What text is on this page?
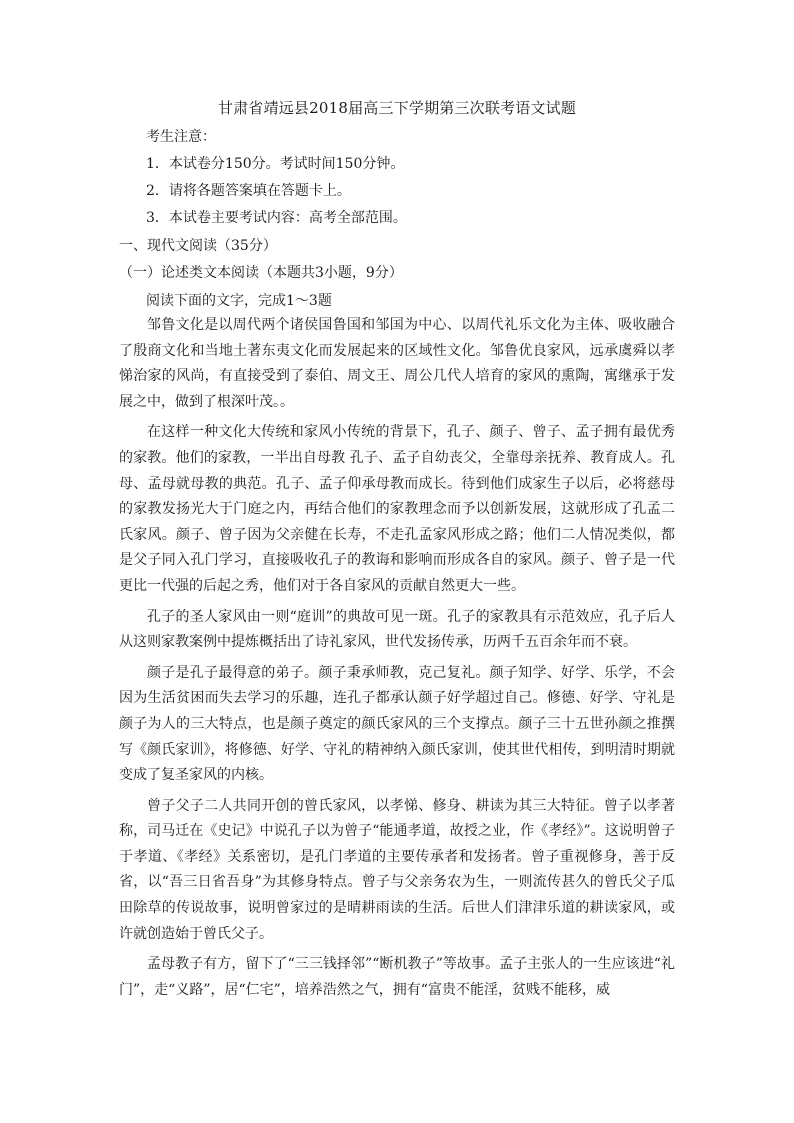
甘肃省靖远县2018届高三下学期第三次联考语文试题
考生注意：
1．本试卷分150分。考试时间150分钟。
2．请将各题答案填在答题卡上。
3．本试卷主要考试内容：高考全部范围。
一、现代文阅读（35分）
（一）论述类文本阅读（本题共3小题，9分）
阅读下面的文字，完成1～3题

邹鲁文化是以周代两个诸侯国鲁国和邹国为中心、以周代礼乐文化为主体、吸收融合了殷商文化和当地土著东夷文化而发展起来的区域性文化。邹鲁优良家风，远承虞舜以孝悌治家的风尚，有直接受到了泰伯、周文王、周公几代人培育的家风的熏陶，寓继承于发展之中，做到了根深叶茂。。

在这样一种文化大传统和家风小传统的背景下，孔子、颜子、曾子、孟子拥有最优秀的家教。他们的家教，一半出自母教 孔子、孟子自幼丧父，全靠母亲抚养、教育成人。孔母、孟母就母教的典范。孔子、孟子仰承母教而成长。待到他们成家生子以后，必将慈母的家教发扬光大于门庭之内，再结合他们的家教理念而予以创新发展，这就形成了孔孟二氏家风。颜子、曾子因为父亲健在长寿，不走孔孟家风形成之路；他们二人情况类似，都是父子同入孔门学习，直接吸收孔子的教诲和影响而形成各自的家风。颜子、曾子是一代更比一代强的后起之秀，他们对于各自家风的贡献自然更大一些。

孔子的圣人家风由一则“庭训”的典故可见一斑。孔子的家教具有示范效应，孔子后人从这则家教案例中提炼概括出了诗礼家风，世代发扬传承，历两千五百余年而不衰。

颜子是孔子最得意的弟子。颜子秉承师教，克己复礼。颜子知学、好学、乐学，不会因为生活贫困而失去学习的乐趣，连孔子都承认颜子好学超过自己。修德、好学、守礼是颜子为人的三大特点，也是颜子奠定的颜氏家风的三个支撑点。颜子三十五世孙颜之推撰写《颜氏家训》，将修德、好学、守礼的精神纳入颜氏家训，使其世代相传，到明清时期就变成了复圣家风的内核。

曾子父子二人共同开创的曾氏家风，以孝悌、修身、耕读为其三大特征。曾子以孝著称，司马迁在《史记》中说孔子以为曾子“能通孝道，故授之业，作《孝经》”。这说明曾子于孝道、《孝经》关系密切，是孔门孝道的主要传承者和发扬者。曾子重视修身，善于反省，以“吾三日省吾身”为其修身特点。曾子与父亲务农为生，一则流传甚久的曾氏父子瓜田除草的传说故事，说明曾家过的是晴耕雨读的生活。后世人们津津乐道的耕读家风，或许就创造始于曾氏父子。

孟母教子有方，留下了“三三钱择邻”“断机教子”等故事。孟子主张人的一生应该进“礼门”，走“义路”，居“仁宅”，培养浩然之气，拥有“富贵不能淫，贫贱不能移，威
